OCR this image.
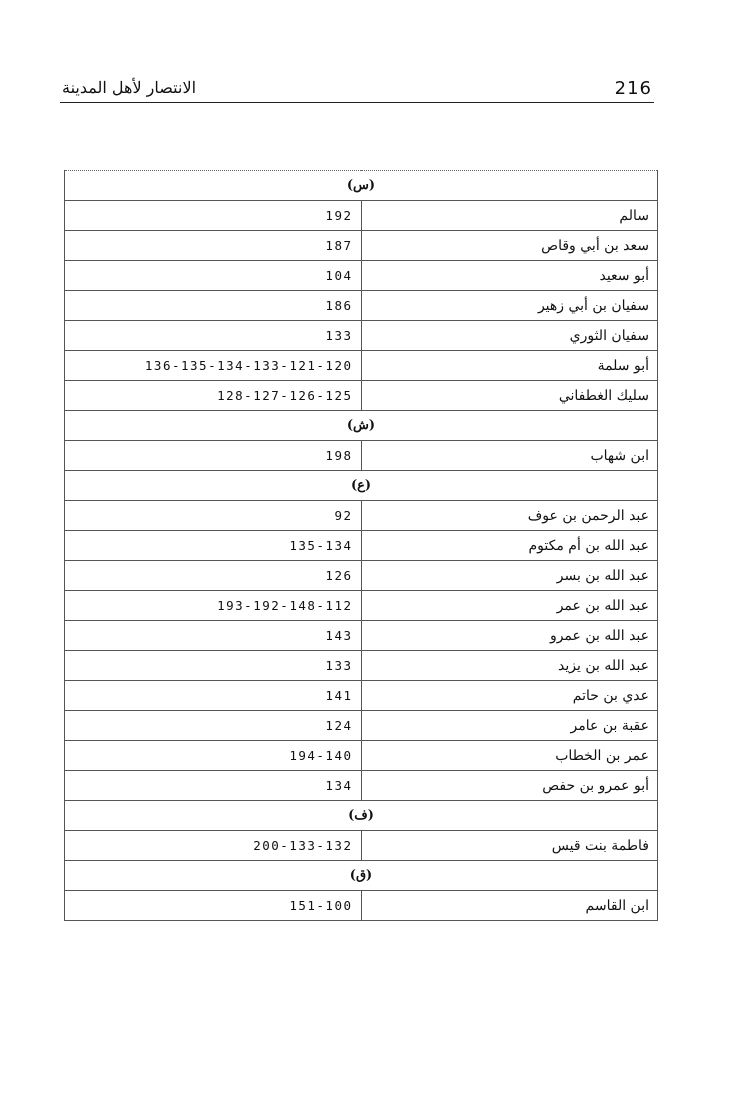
216
الانتصار لأهل المدينة
(س)	
سالم	192

سعد بن أبي وقاص	187

أبو سعيد	104

سفيان بن أبي زهير	186

سفيان الثوري	133

أبو سلمة	136-135-134-133-121-120

سليك الغطفاني	128-127-126-125

(ش)	
ابن شهاب	198

(ع)	
عبد الرحمن بن عوف	92

عبد الله بن أم مكتوم	135-134

عبد الله بن بسر	126

عبد الله بن عمر	193-192-148-112

عبد الله بن عمرو	143

عبد الله بن يزيد	133

عدي بن حاتم	141

عقبة بن عامر	124

عمر بن الخطاب	194-140

أبو عمرو بن حفص	134

(ف)	
فاطمة بنت قيس	200-133-132

(ق)	
ابن القاسم	151-100
